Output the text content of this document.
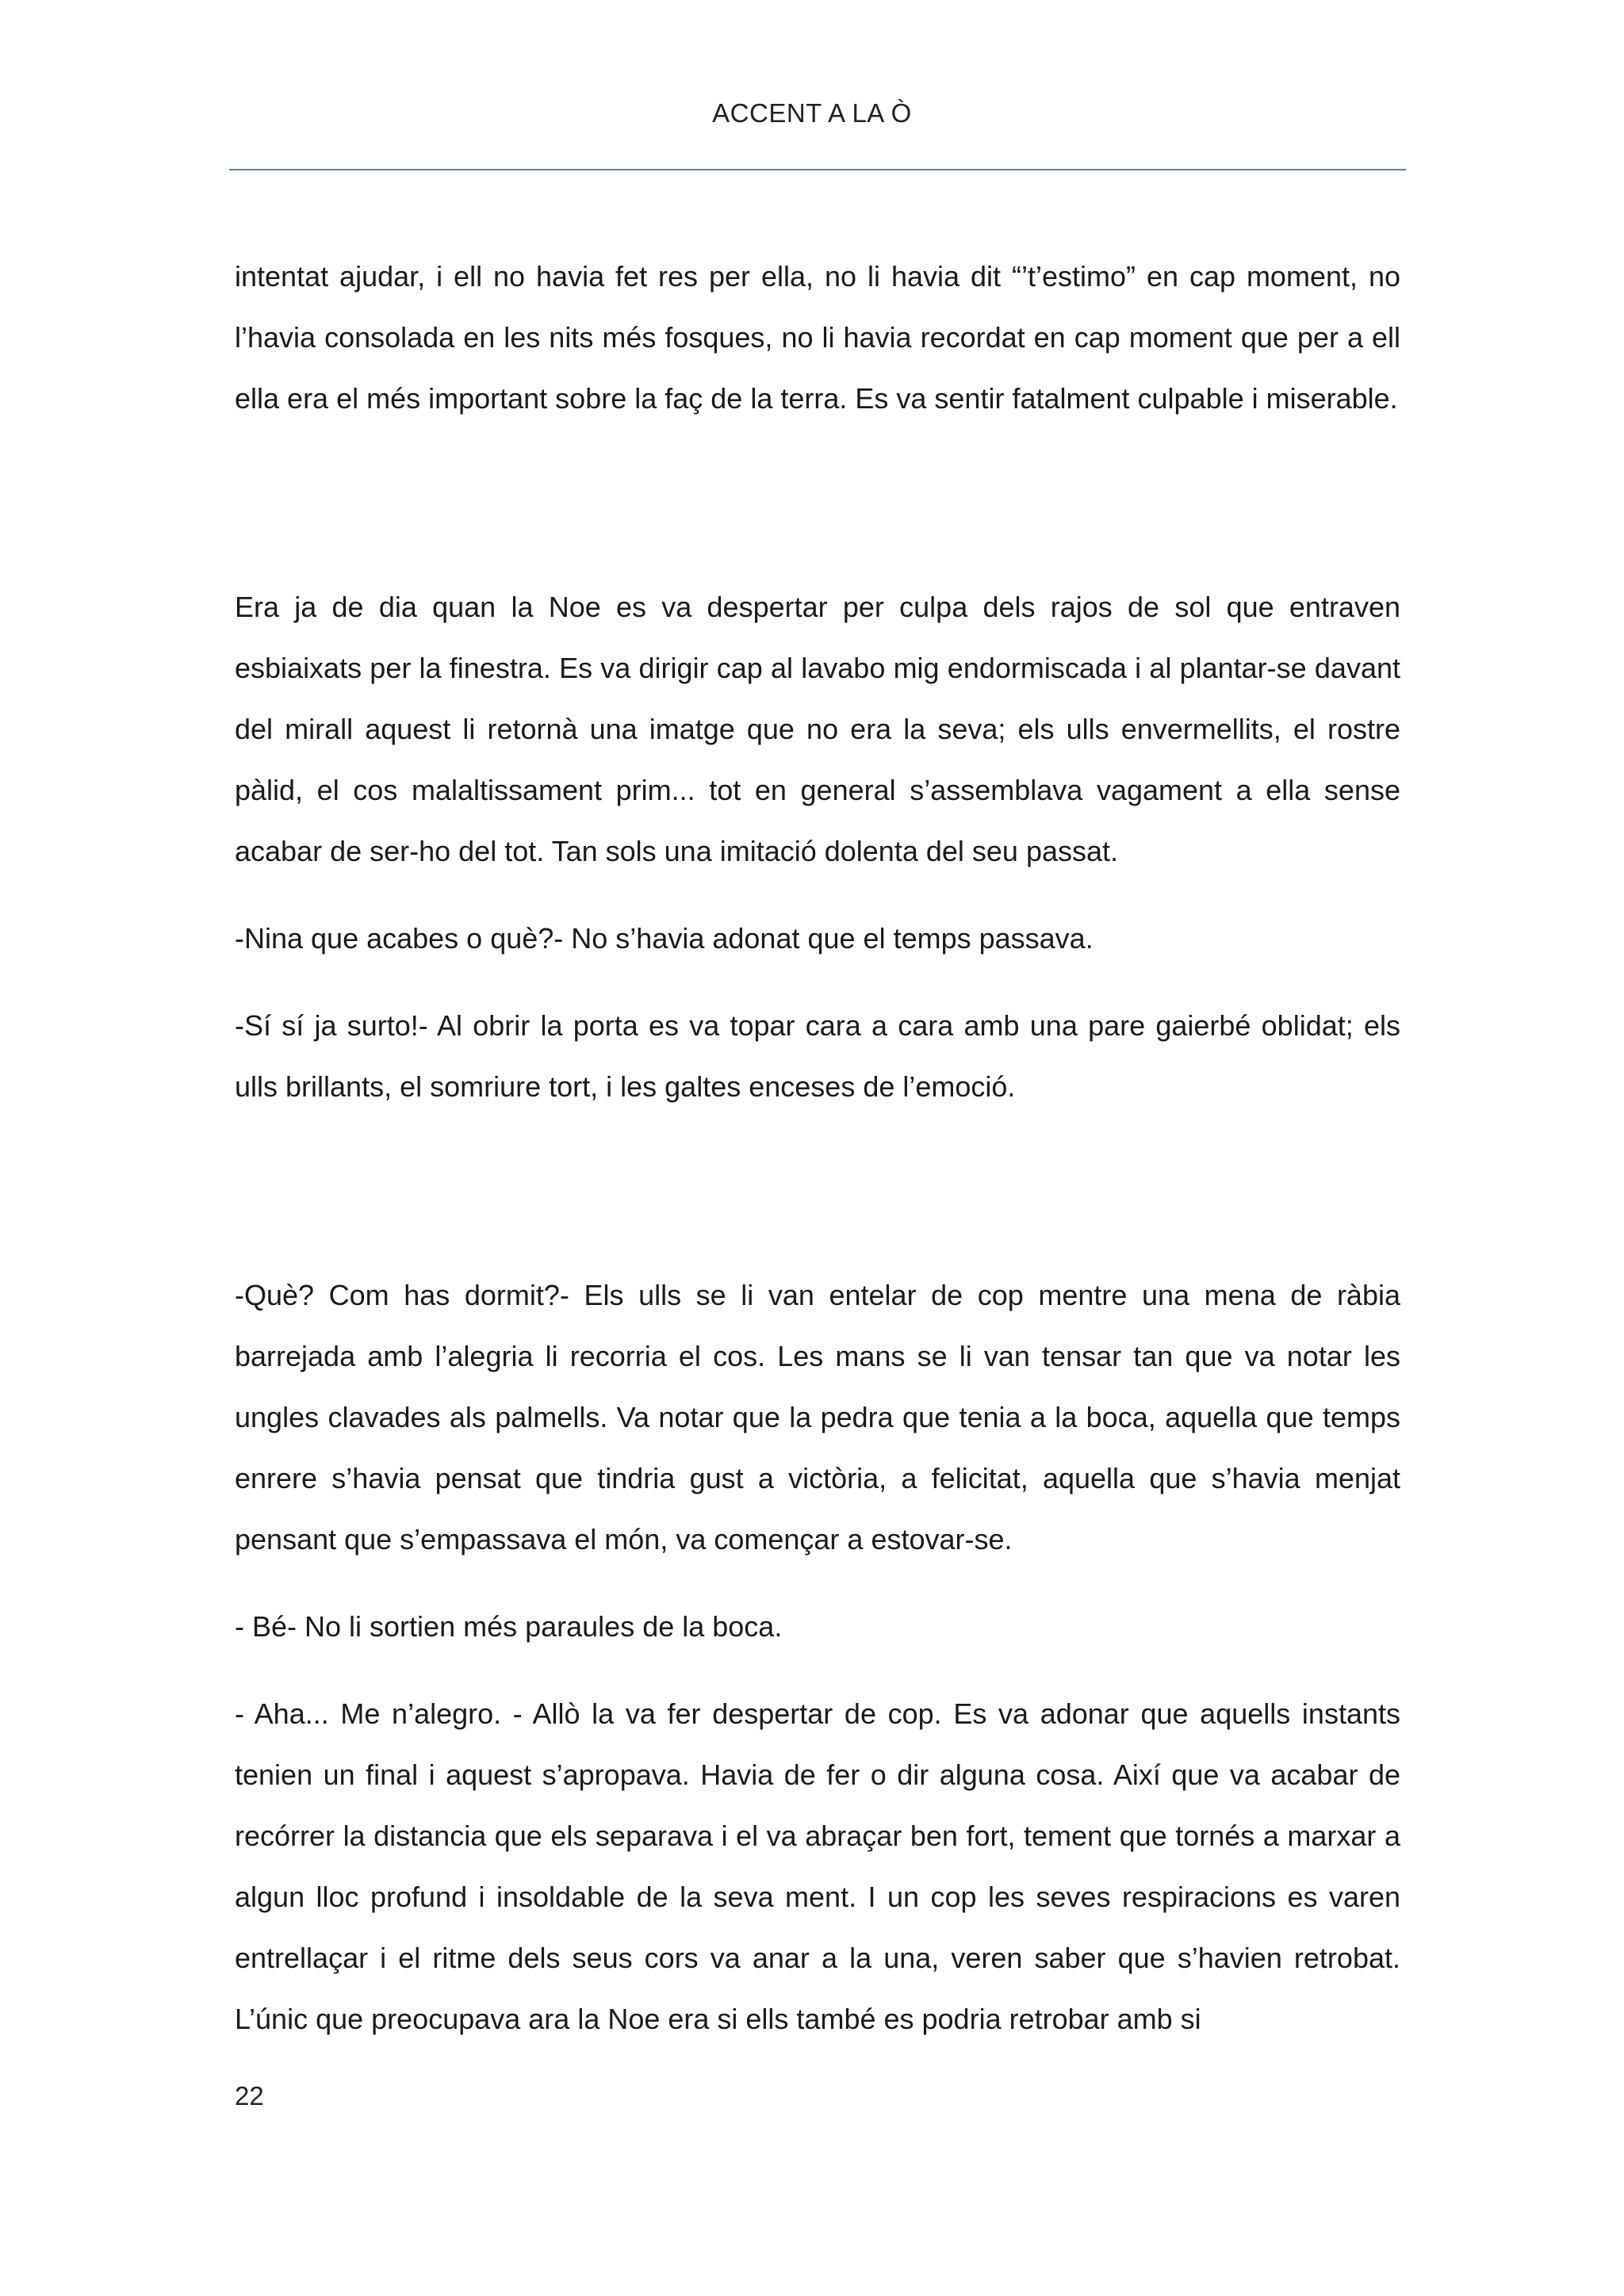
ACCENT A LA Ò

intentat ajudar, i ell no havia fet res per ella, no li havia dit “’t’estimo” en cap moment, no l’havia consolada en les nits més fosques, no li havia recordat en cap moment que per a ell ella era el més important sobre la faç de la terra. Es va sentir fatalment culpable i miserable.

Era ja de dia quan la Noe es va despertar per culpa dels rajos de sol que entraven esbiaixats per la finestra. Es va dirigir cap al lavabo mig endormiscada i al plantar-se davant del mirall aquest li retornà una imatge que no era la seva; els ulls envermellits, el rostre pàlid, el cos malaltissament prim... tot en general s’assemblava vagament a ella sense acabar de ser-ho del tot. Tan sols una imitació dolenta del seu passat.

-Nina que acabes o què?- No s’havia adonat que el temps passava.

-Sí sí ja surto!- Al obrir la porta es va topar cara a cara amb una pare gaierbé oblidat; els ulls brillants, el somriure tort, i les galtes enceses de l’emoció.

-Què? Com has dormit?- Els ulls se li van entelar de cop mentre una mena de ràbia barrejada amb l’alegria li recorria el cos. Les mans se li van tensar tan que va notar les ungles clavades als palmells. Va notar que la pedra que tenia a la boca, aquella que temps enrere s’havia pensat que tindria gust a victòria, a felicitat, aquella que s’havia menjat pensant que s’empassava el món, va començar a estovar-se.

- Bé- No li sortien més paraules de la boca.

- Aha... Me n’alegro. - Allò la va fer despertar de cop. Es va adonar que aquells instants tenien un final i aquest s’apropava. Havia de fer o dir alguna cosa. Així que va acabar de recórrer la distancia que els separava i el va abraçar ben fort, tement que tornés a marxar a algun lloc profund i insoldable de la seva ment. I un cop les seves respiracions es varen entrellaçar i el ritme dels seus cors va anar a la una, veren saber que s’havien retrobat. L’únic que preocupava ara la Noe era si ells també es podria retrobar amb si

22
